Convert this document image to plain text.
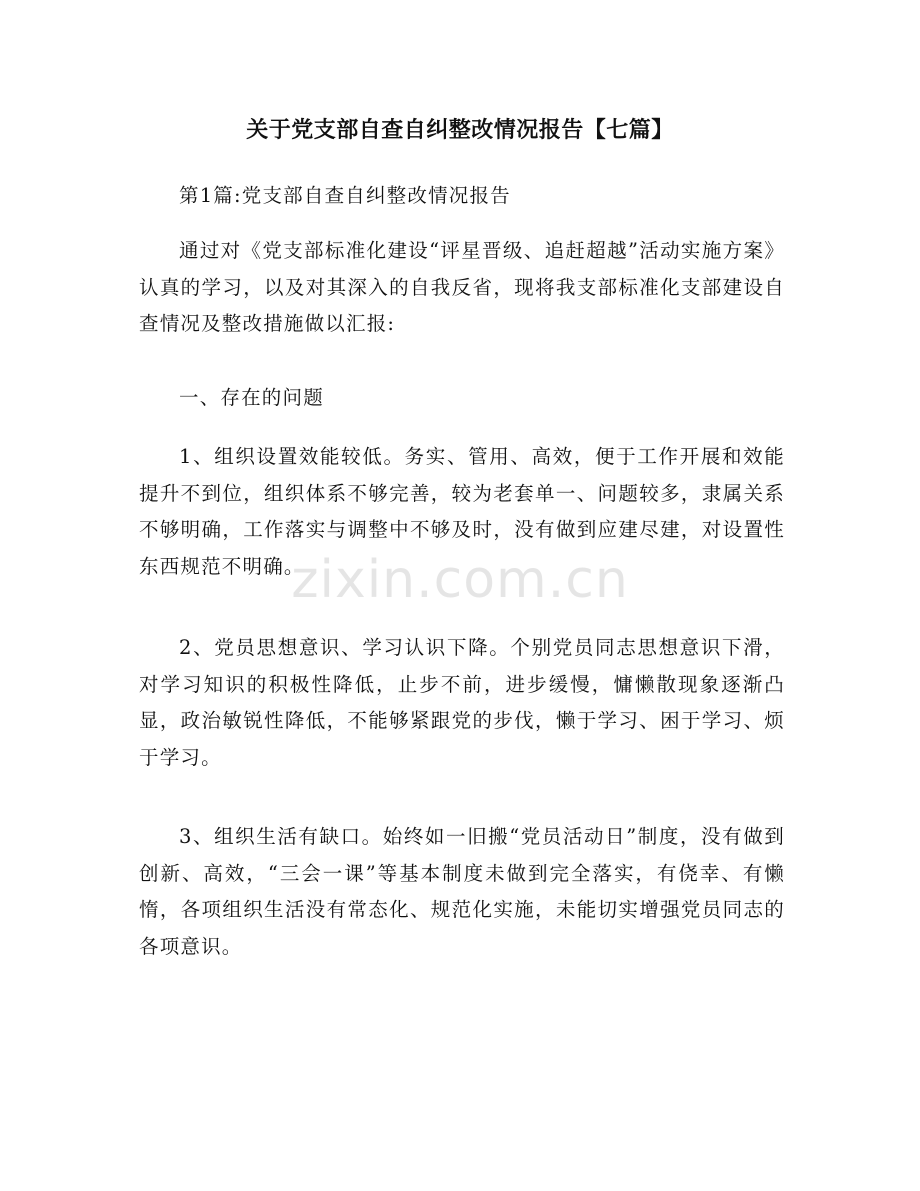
关于党支部自查自纠整改情况报告【七篇】

第1篇:党支部自查自纠整改情况报告

通过对《党支部标准化建设“评星晋级、追赶超越”活动实施方案》认真的学习，以及对其深入的自我反省，现将我支部标准化支部建设自查情况及整改措施做以汇报:

一、存在的问题

1、组织设置效能较低。务实、管用、高效，便于工作开展和效能提升不到位，组织体系不够完善，较为老套单一、问题较多，隶属关系不够明确，工作落实与调整中不够及时，没有做到应建尽建，对设置性东西规范不明确。

2、党员思想意识、学习认识下降。个别党员同志思想意识下滑，对学习知识的积极性降低，止步不前，进步缓慢，慵懒散现象逐渐凸显，政治敏锐性降低，不能够紧跟党的步伐，懒于学习、困于学习、烦于学习。

3、组织生活有缺口。始终如一旧搬“党员活动日”制度，没有做到创新、高效，“三会一课”等基本制度未做到完全落实，有侥幸、有懒惰，各项组织生活没有常态化、规范化实施，未能切实增强党员同志的各项意识。

zixin.com.cn
